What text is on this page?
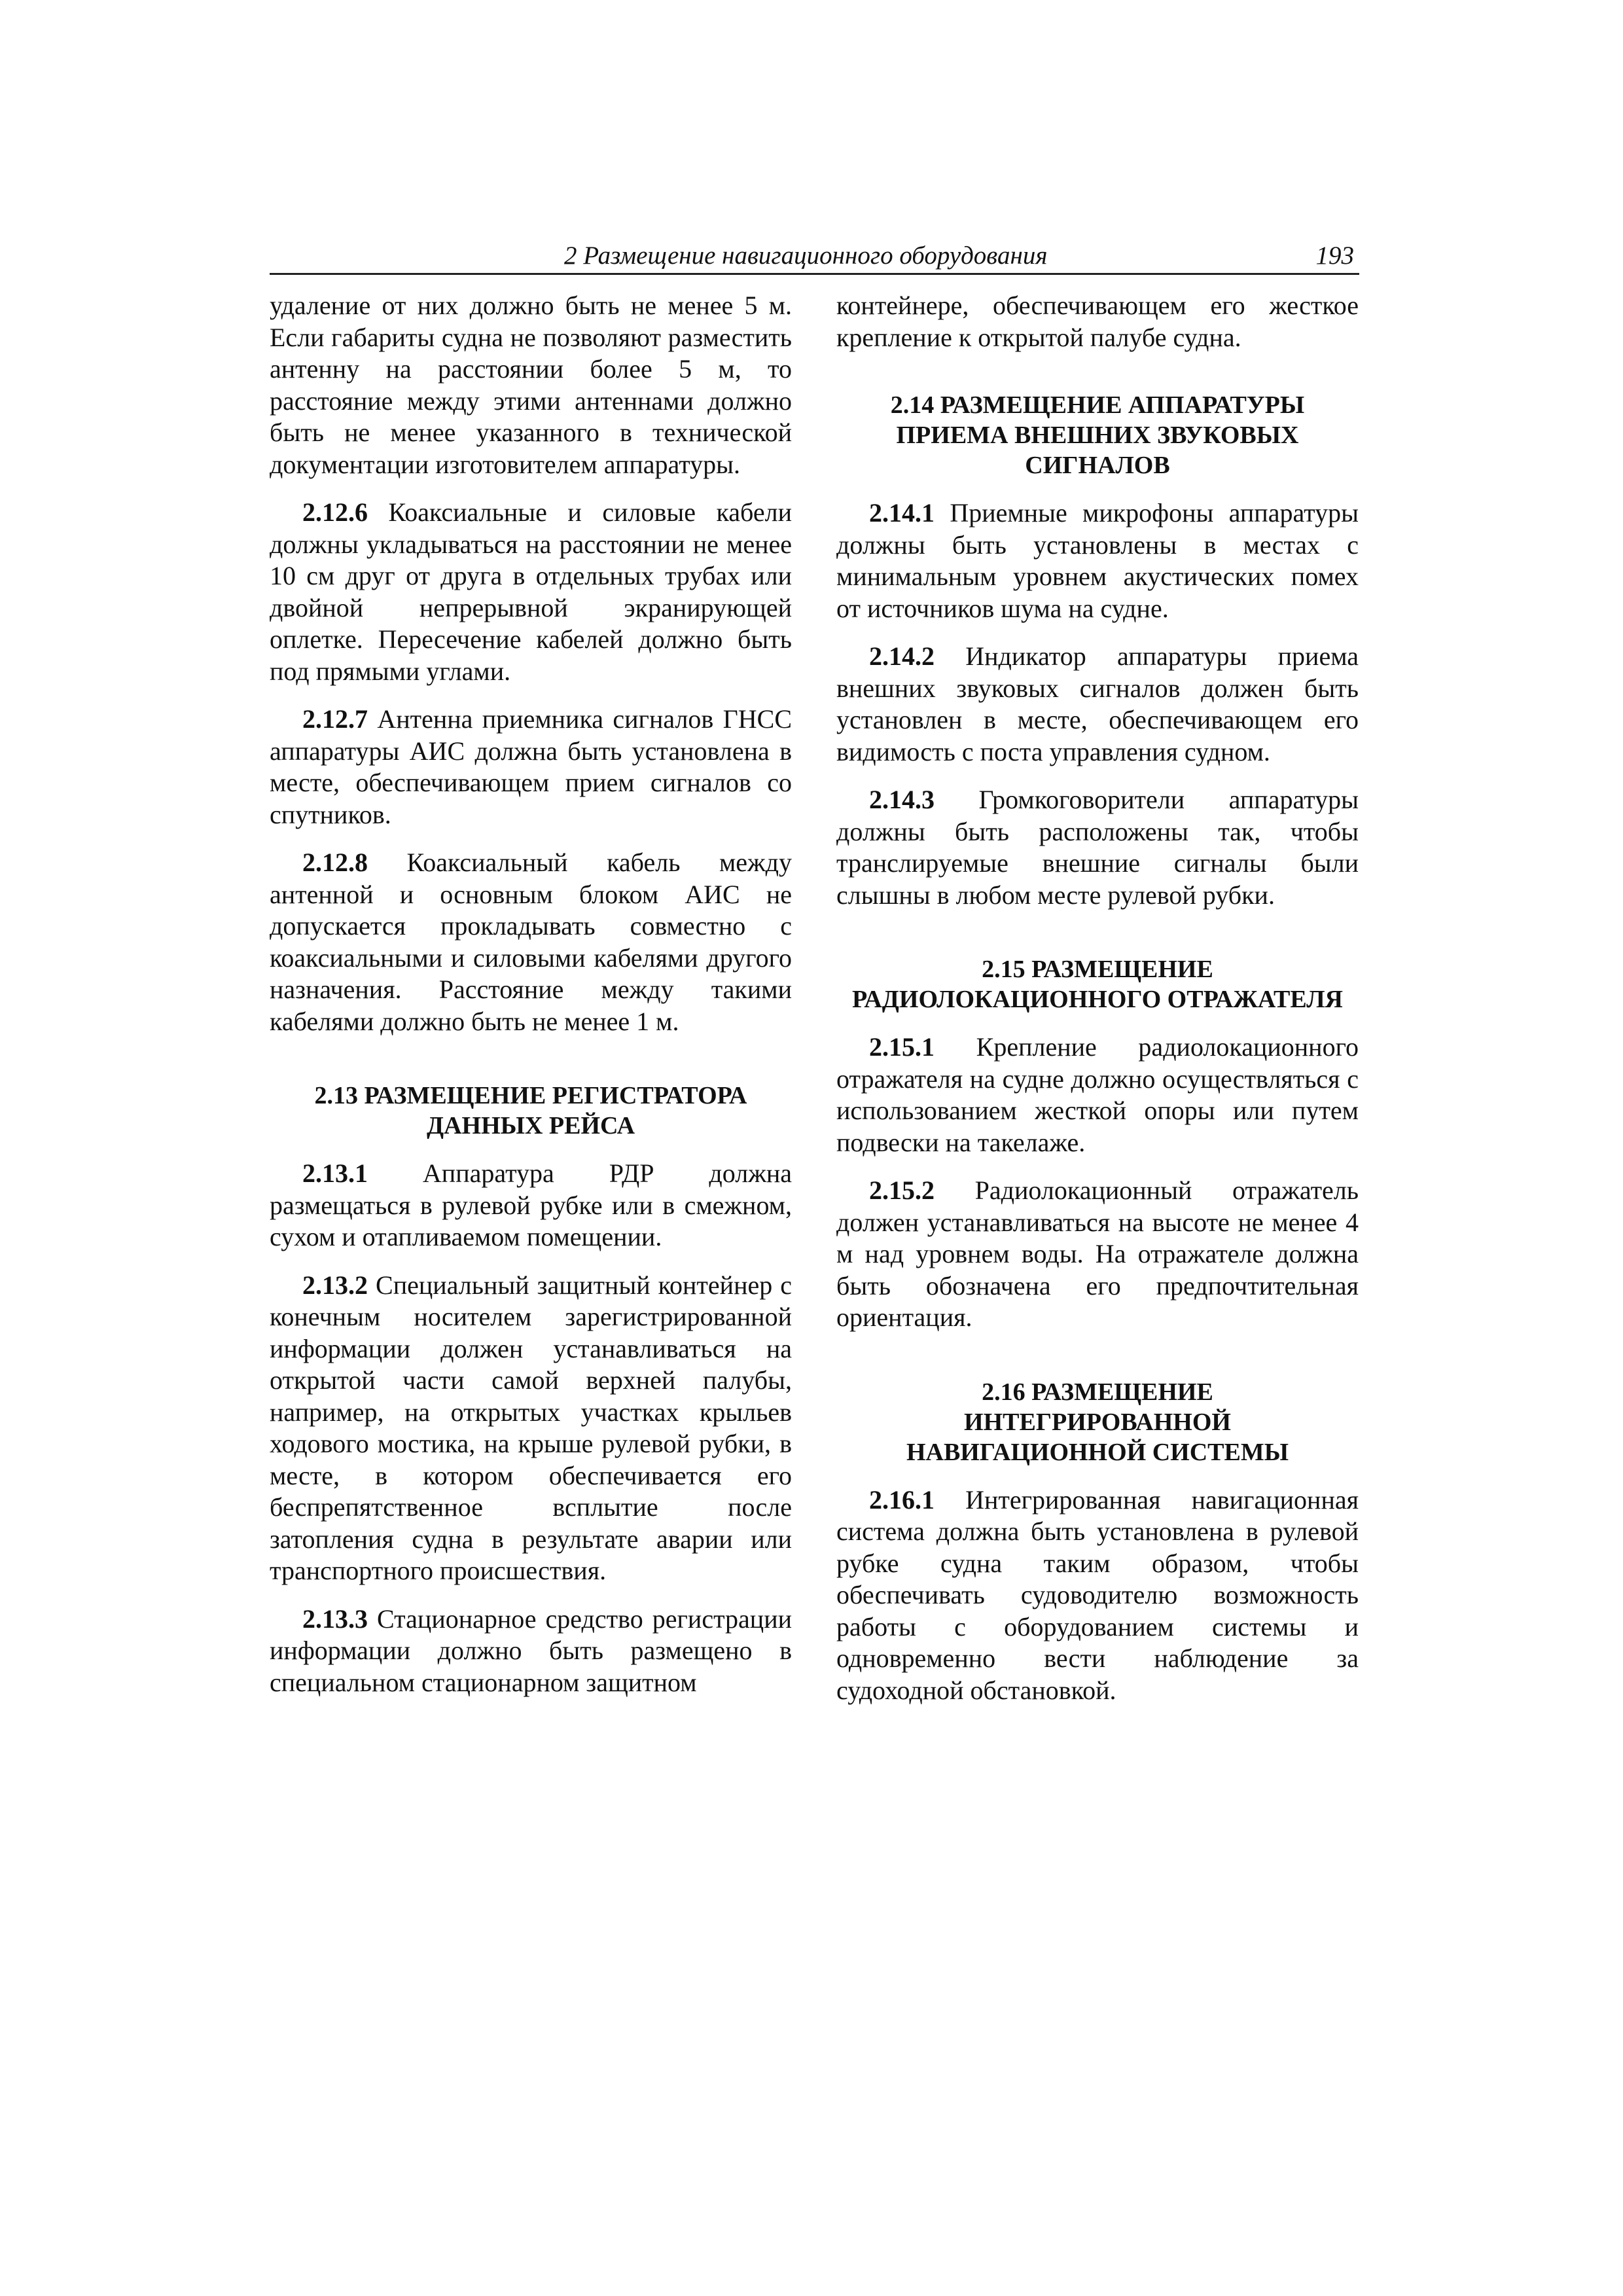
2 Размещение навигационного оборудования	193

удаление от них должно быть не менее 5 м. Если габариты судна не позволяют разместить антенну на расстоянии более 5 м, то расстояние между этими антеннами должно быть не менее указанного в технической документации изготовителем аппаратуры.

2.12.6 Коаксиальные и силовые кабели должны укладываться на расстоянии не менее 10 см друг от друга в отдельных трубах или двойной непрерывной экранирующей оплетке. Пересечение кабелей должно быть под прямыми углами.

2.12.7 Антенна приемника сигналов ГНСС аппаратуры АИС должна быть установлена в месте, обеспечивающем прием сигналов со спутников.

2.12.8 Коаксиальный кабель между антенной и основным блоком АИС не допускается прокладывать совместно с коаксиальными и силовыми кабелями другого назначения. Расстояние между такими кабелями должно быть не менее 1 м.

2.13 РАЗМЕЩЕНИЕ РЕГИСТРАТОРА ДАННЫХ РЕЙСА

2.13.1 Аппаратура РДР должна размещаться в рулевой рубке или в смежном, сухом и отапливаемом помещении.

2.13.2 Специальный защитный контейнер с конечным носителем зарегистрированной информации должен устанавливаться на открытой части самой верхней палубы, например, на открытых участках крыльев ходового мостика, на крыше рулевой рубки, в месте, в котором обеспечивается его беспрепятственное всплытие после затопления судна в результате аварии или транспортного происшествия.

2.13.3 Стационарное средство регистрации информации должно быть размещено в специальном стационарном защитном

контейнере, обеспечивающем его жесткое крепление к открытой палубе судна.

2.14 РАЗМЕЩЕНИЕ АППАРАТУРЫ ПРИЕМА ВНЕШНИХ ЗВУКОВЫХ СИГНАЛОВ

2.14.1 Приемные микрофоны аппаратуры должны быть установлены в местах с минимальным уровнем акустических помех от источников шума на судне.

2.14.2 Индикатор аппаратуры приема внешних звуковых сигналов должен быть установлен в месте, обеспечивающем его видимость с поста управления судном.

2.14.3 Громкоговорители аппаратуры должны быть расположены так, чтобы транслируемые внешние сигналы были слышны в любом месте рулевой рубки.

2.15 РАЗМЕЩЕНИЕ РАДИОЛОКАЦИОННОГО ОТРАЖАТЕЛЯ

2.15.1 Крепление радиолокационного отражателя на судне должно осуществляться с использованием жесткой опоры или путем подвески на такелаже.

2.15.2 Радиолокационный отражатель должен устанавливаться на высоте не менее 4 м над уровнем воды. На отражателе должна быть обозначена его предпочтительная ориентация.

2.16 РАЗМЕЩЕНИЕ ИНТЕГРИРОВАННОЙ НАВИГАЦИОННОЙ СИСТЕМЫ

2.16.1 Интегрированная навигационная система должна быть установлена в рулевой рубке судна таким образом, чтобы обеспечивать судоводителю возможность работы с оборудованием системы и одновременно вести наблюдение за судоходной обстановкой.
